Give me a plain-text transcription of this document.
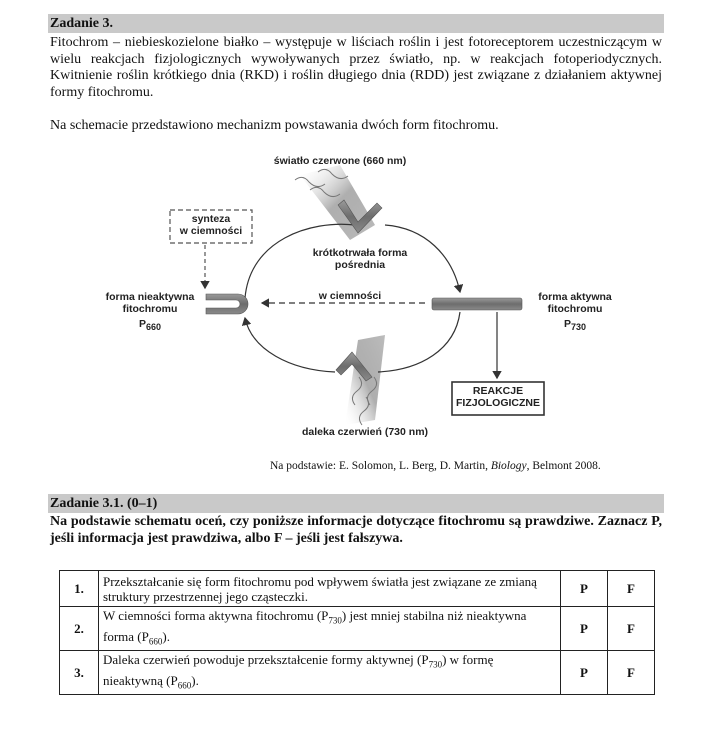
Zadanie 3.
Fitochrom – niebieskozielone białko – występuje w liściach roślin i jest fotoreceptorem uczestniczącym w wielu reakcjach fizjologicznych wywoływanych przez światło, np. w reakcjach fotoperiodycznych. Kwitnienie roślin krótkiego dnia (RKD) i roślin długiego dnia (RDD) jest związane z działaniem aktywnej formy fitochromu.
Na schemacie przedstawiono mechanizm powstawania dwóch form fitochromu.
światło czerwone (660 nm)
synteza
w ciemności
krótkotrwała forma
pośrednia
forma nieaktywna
fitochromu
$P_{660}$
w ciemności	forma aktywna
fitochromu
$P_{730}$
REAKCJE
FIZJOLOGICZNE
daleka czerwień (730 nm)
Na podstawie: E. Solomon, L. Berg, D. Martin, Biology, Belmont 2008.
Zadanie 3.1. (0–1)
Na podstawie schematu oceń, czy poniższe informacje dotyczące fitochromu są prawdziwe. Zaznacz P, jeśli informacja jest prawdziwa, albo F – jeśli jest fałszywa.
1.	Przekształcanie się form fitochromu pod wpływem światła jest związane ze zmianą struktury przestrzennej jego cząsteczki.	P	F
2.	W ciemności forma aktywna fitochromu $(P_{730})$ jest mniej stabilna niż nieaktywna forma $(P_{660})$.	P	F
3.	Daleka czerwień powoduje przekształcenie formy aktywnej $(P_{730})$ w formę nieaktywną $(P_{660})$.	P	F
